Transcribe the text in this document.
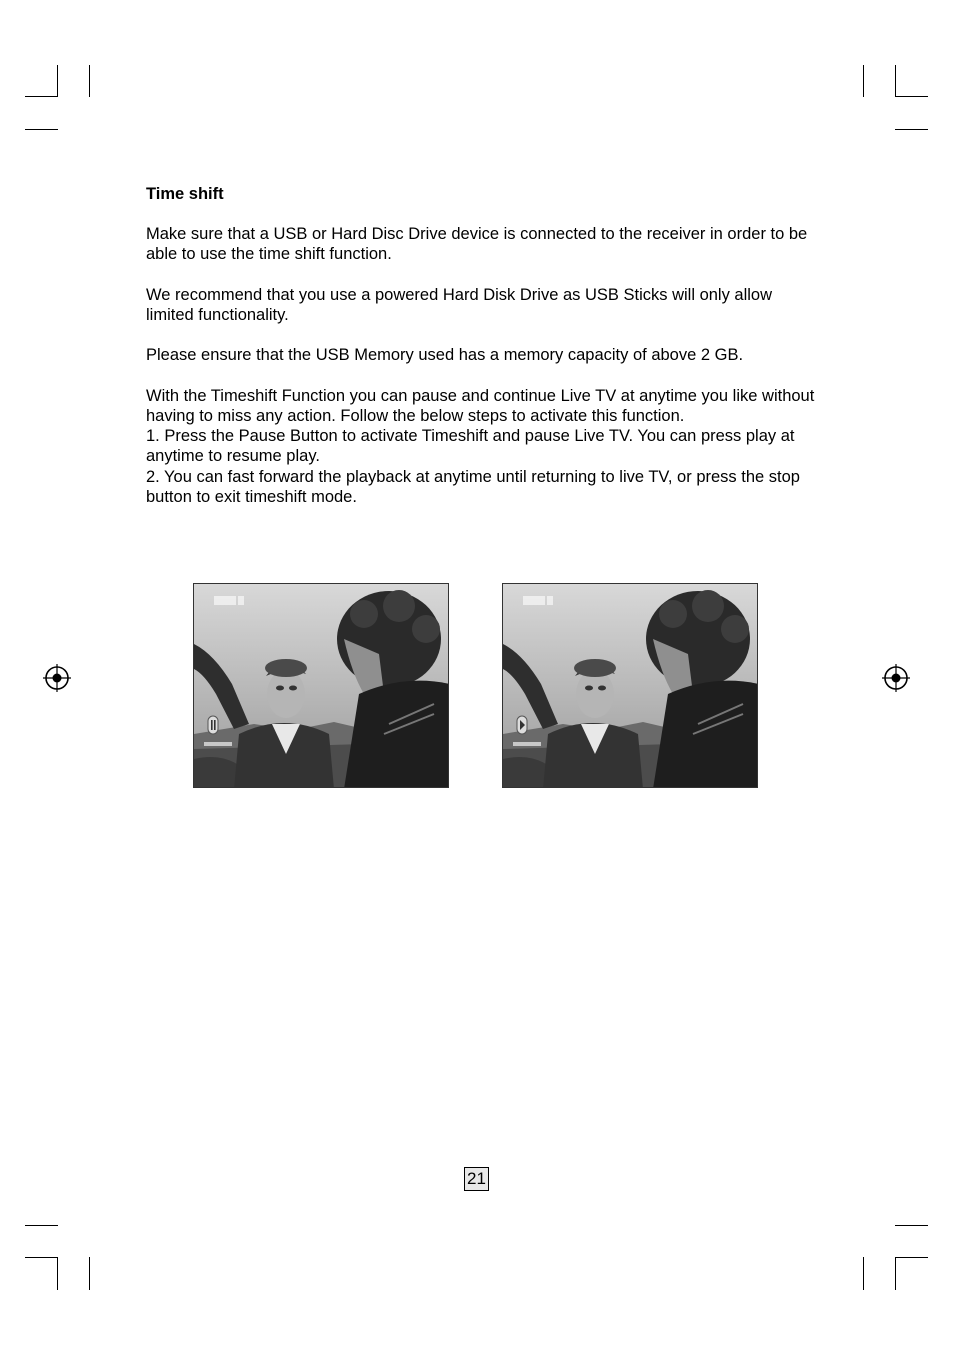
Time shift
Make sure that a USB or Hard Disc Drive device is connected to the receiver in order to be able to use the time shift function.
We recommend that you use a powered Hard Disk Drive as USB Sticks will only allow limited functionality.
Please ensure that the USB Memory used has a memory capacity of above 2 GB.
With the Timeshift Function you can pause and continue Live TV at anytime you like without having to miss any action. Follow the below steps to activate this function.
1. Press the Pause Button to activate Timeshift and pause Live TV. You can press play at anytime to resume play.
2. You can fast forward the playback at anytime until returning to live TV, or press the stop button to exit timeshift mode.
21
